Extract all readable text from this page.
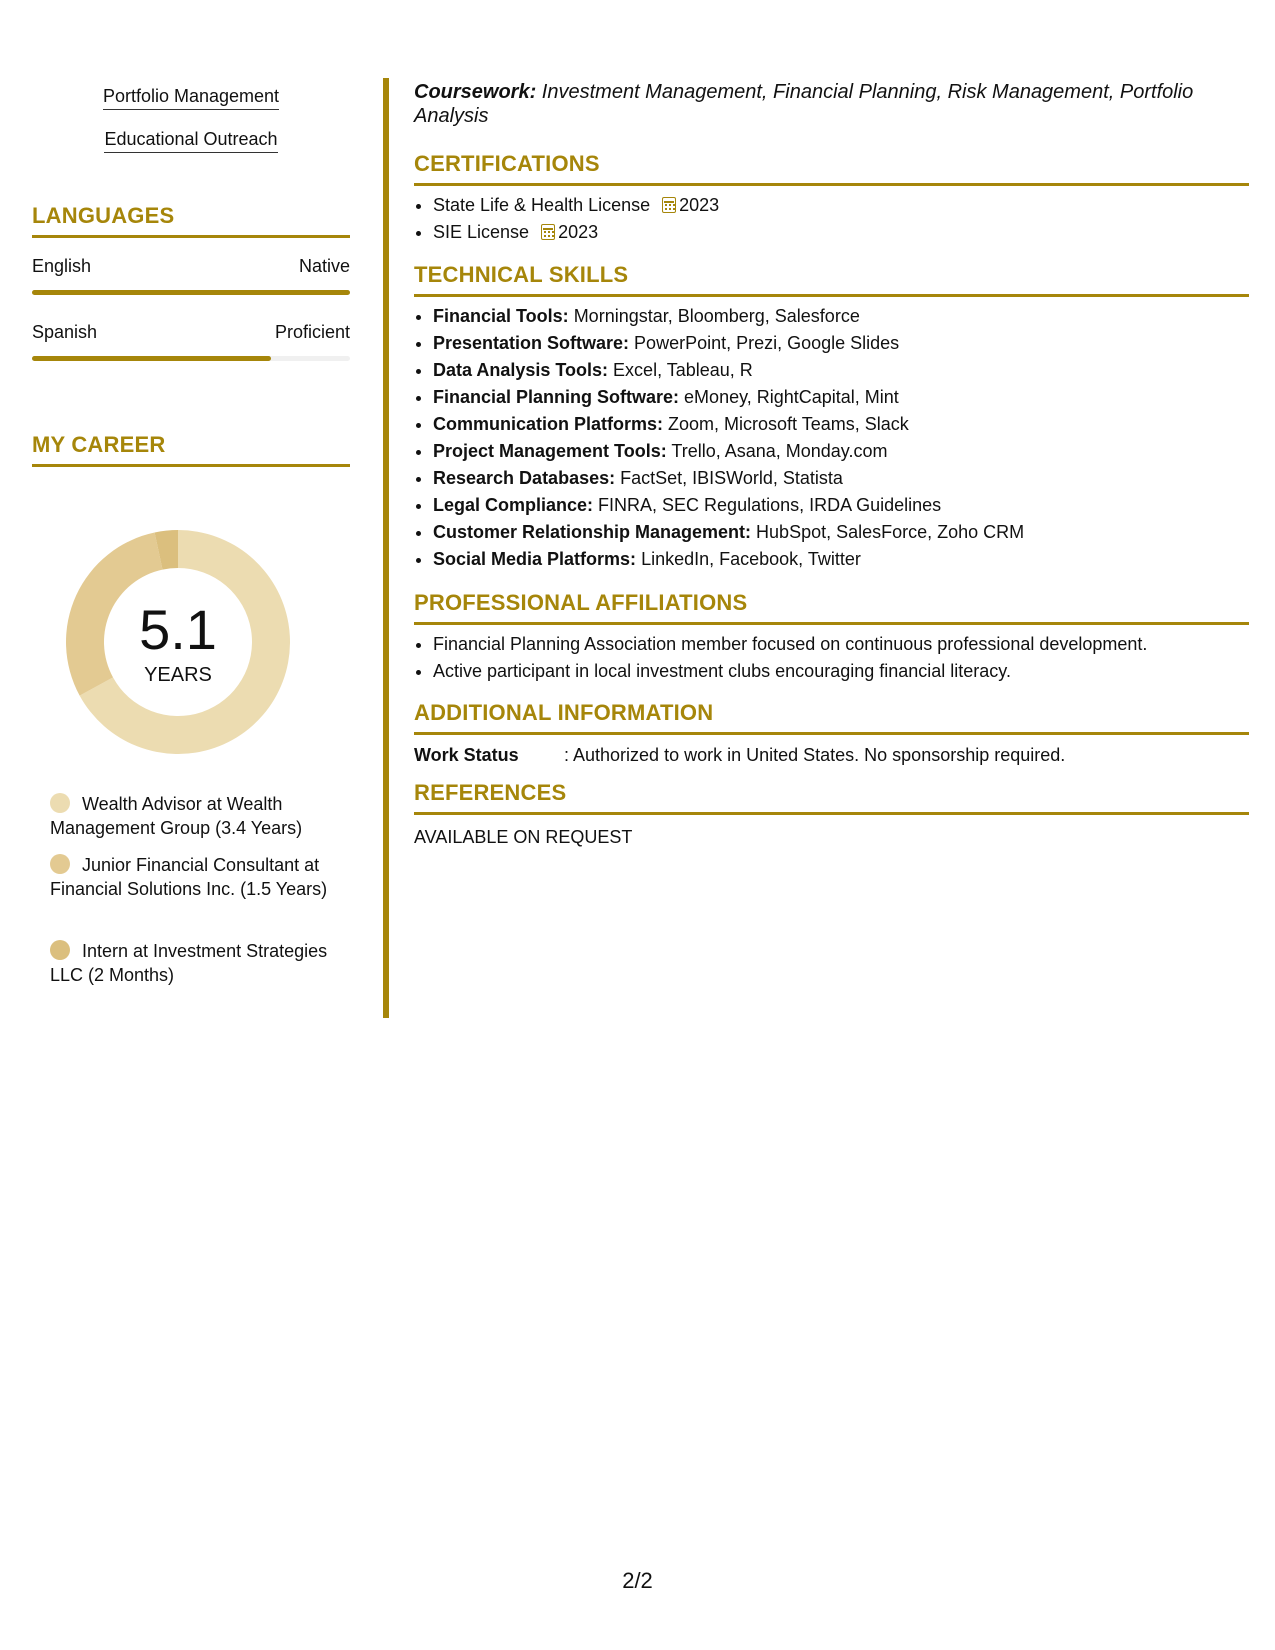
Portfolio Management
Educational Outreach
LANGUAGES
English	Native
Spanish	Proficient
MY CAREER
5.1
YEARS
Wealth Advisor at Wealth Management Group (3.4 Years)
Junior Financial Consultant at Financial Solutions Inc. (1.5 Years)
Intern at Investment Strategies LLC (2 Months)
Coursework: Investment Management, Financial Planning, Risk Management, Portfolio Analysis
CERTIFICATIONS
• State Life & Health License 2023
• SIE License 2023
TECHNICAL SKILLS
• Financial Tools: Morningstar, Bloomberg, Salesforce
• Presentation Software: PowerPoint, Prezi, Google Slides
• Data Analysis Tools: Excel, Tableau, R
• Financial Planning Software: eMoney, RightCapital, Mint
• Communication Platforms: Zoom, Microsoft Teams, Slack
• Project Management Tools: Trello, Asana, Monday.com
• Research Databases: FactSet, IBISWorld, Statista
• Legal Compliance: FINRA, SEC Regulations, IRDA Guidelines
• Customer Relationship Management: HubSpot, SalesForce, Zoho CRM
• Social Media Platforms: LinkedIn, Facebook, Twitter
PROFESSIONAL AFFILIATIONS
• Financial Planning Association member focused on continuous professional development.
• Active participant in local investment clubs encouraging financial literacy.
ADDITIONAL INFORMATION
Work Status	: Authorized to work in United States. No sponsorship required.
REFERENCES
AVAILABLE ON REQUEST
2/2
